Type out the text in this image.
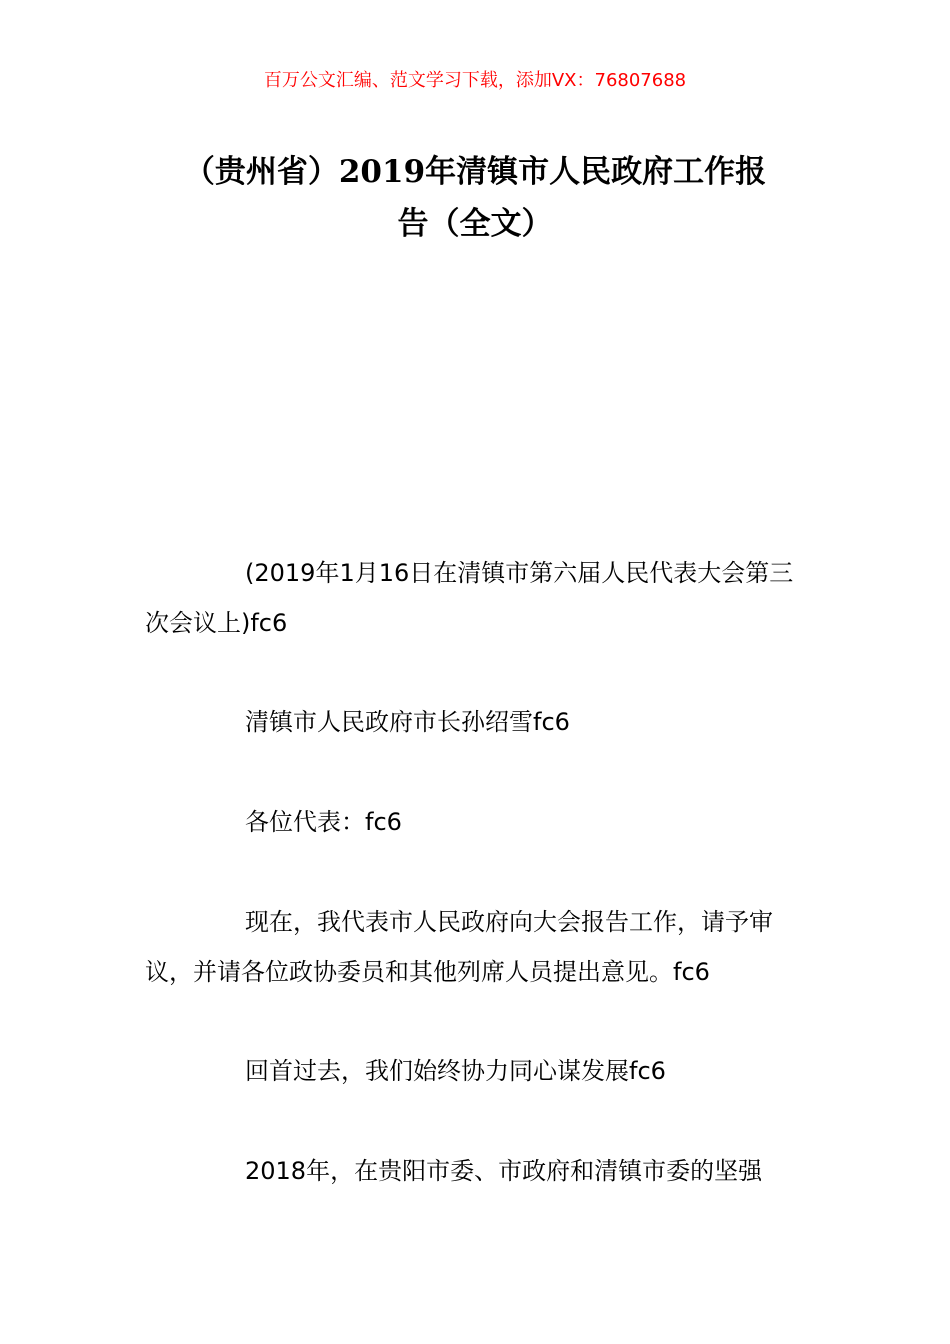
百万公文汇编、范文学习下载，添加VX：76807688
（贵州省）2019年清镇市人民政府工作报
告（全文）

(2019年1月16日在清镇市第六届人民代表大会第三次会议上)fc6

清镇市人民政府市长孙绍雪fc6

各位代表：fc6

现在，我代表市人民政府向大会报告工作，请予审议，并请各位政协委员和其他列席人员提出意见。fc6

回首过去，我们始终协力同心谋发展fc6

2018年，在贵阳市委、市政府和清镇市委的坚强
